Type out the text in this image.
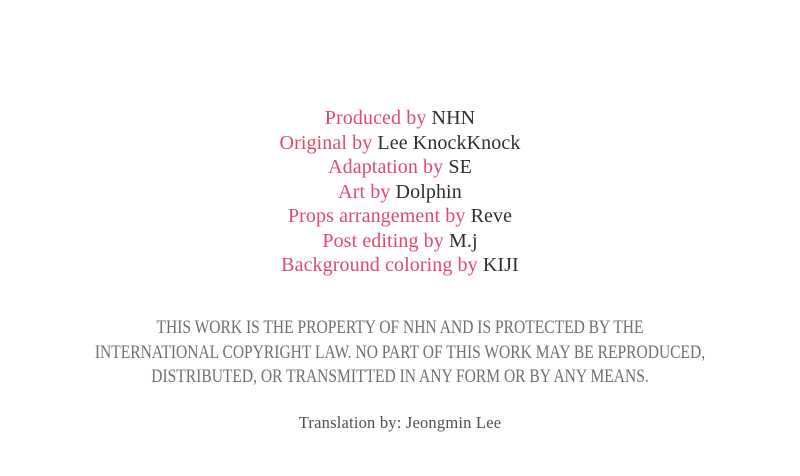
Produced by NHN
Original by Lee KnockKnock
Adaptation by SE
Art by Dolphin
Props arrangement by Reve
Post editing by M.j
Background coloring by KIJI
THIS WORK IS THE PROPERTY OF NHN AND IS PROTECTED BY THE
INTERNATIONAL COPYRIGHT LAW. NO PART OF THIS WORK MAY BE REPRODUCED,
DISTRIBUTED, OR TRANSMITTED IN ANY FORM OR BY ANY MEANS.
Translation by: Jeongmin Lee
